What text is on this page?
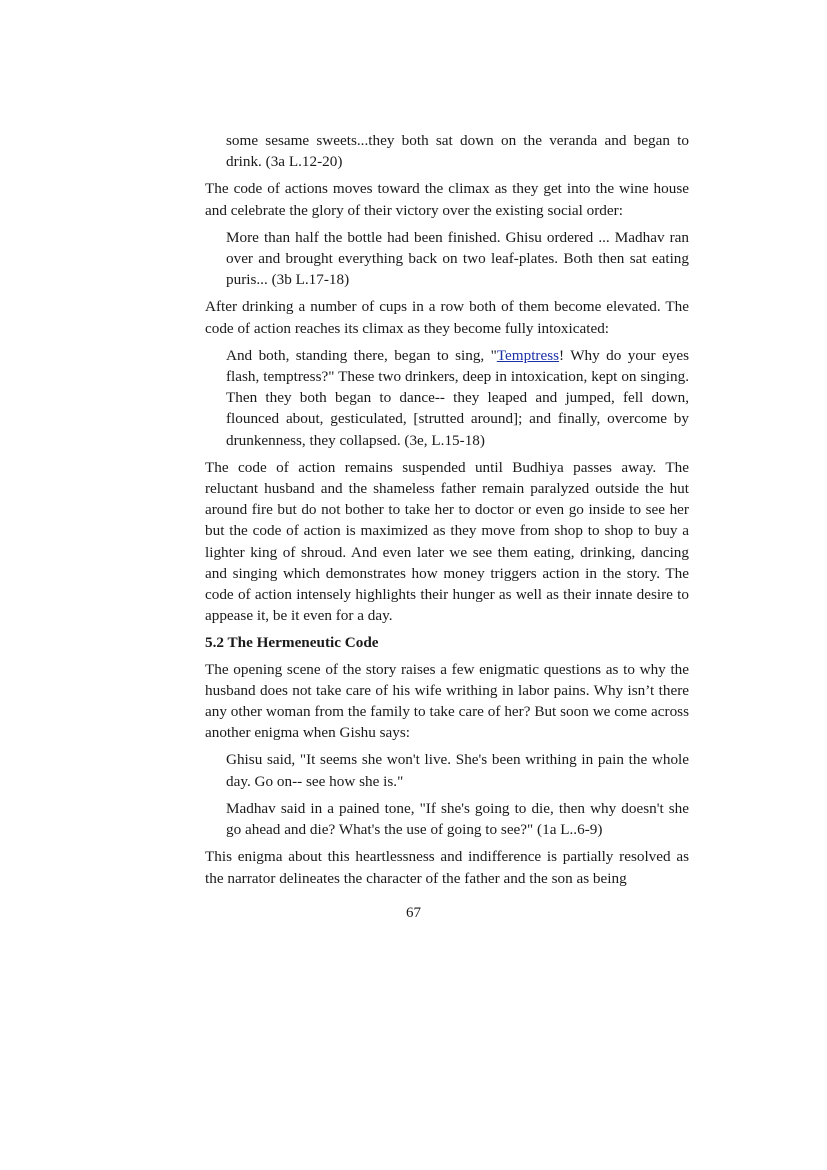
some sesame sweets...they both sat down on the veranda and began to drink. (3a L.12-20)

The code of actions moves toward the climax as they get into the wine house and celebrate the glory of their victory over the existing social order:

More than half the bottle had been finished. Ghisu ordered ... Madhav ran over and brought everything back on two leaf-plates. Both then sat eating puris... (3b L.17-18)

After drinking a number of cups in a row both of them become elevated. The code of action reaches its climax as they become fully intoxicated:

And both, standing there, began to sing, "Temptress! Why do your eyes flash, temptress?" These two drinkers, deep in intoxication, kept on singing. Then they both began to dance-- they leaped and jumped, fell down, flounced about, gesticulated, [strutted around]; and finally, overcome by drunkenness, they collapsed. (3e, L.15-18)

The code of action remains suspended until Budhiya passes away. The reluctant husband and the shameless father remain paralyzed outside the hut around fire but do not bother to take her to doctor or even go inside to see her but the code of action is maximized as they move from shop to shop to buy a lighter king of shroud. And even later we see them eating, drinking, dancing and singing which demonstrates how money triggers action in the story. The code of action intensely highlights their hunger as well as their innate desire to appease it, be it even for a day.

5.2 The Hermeneutic Code

The opening scene of the story raises a few enigmatic questions as to why the husband does not take care of his wife writhing in labor pains. Why isn’t there any other woman from the family to take care of her? But soon we come across another enigma when Gishu says:

Ghisu said, "It seems she won't live. She's been writhing in pain the whole day. Go on-- see how she is."

Madhav said in a pained tone, "If she's going to die, then why doesn't she go ahead and die? What's the use of going to see?" (1a L..6-9)

This enigma about this heartlessness and indifference is partially resolved as the narrator delineates the character of the father and the son as being

67
